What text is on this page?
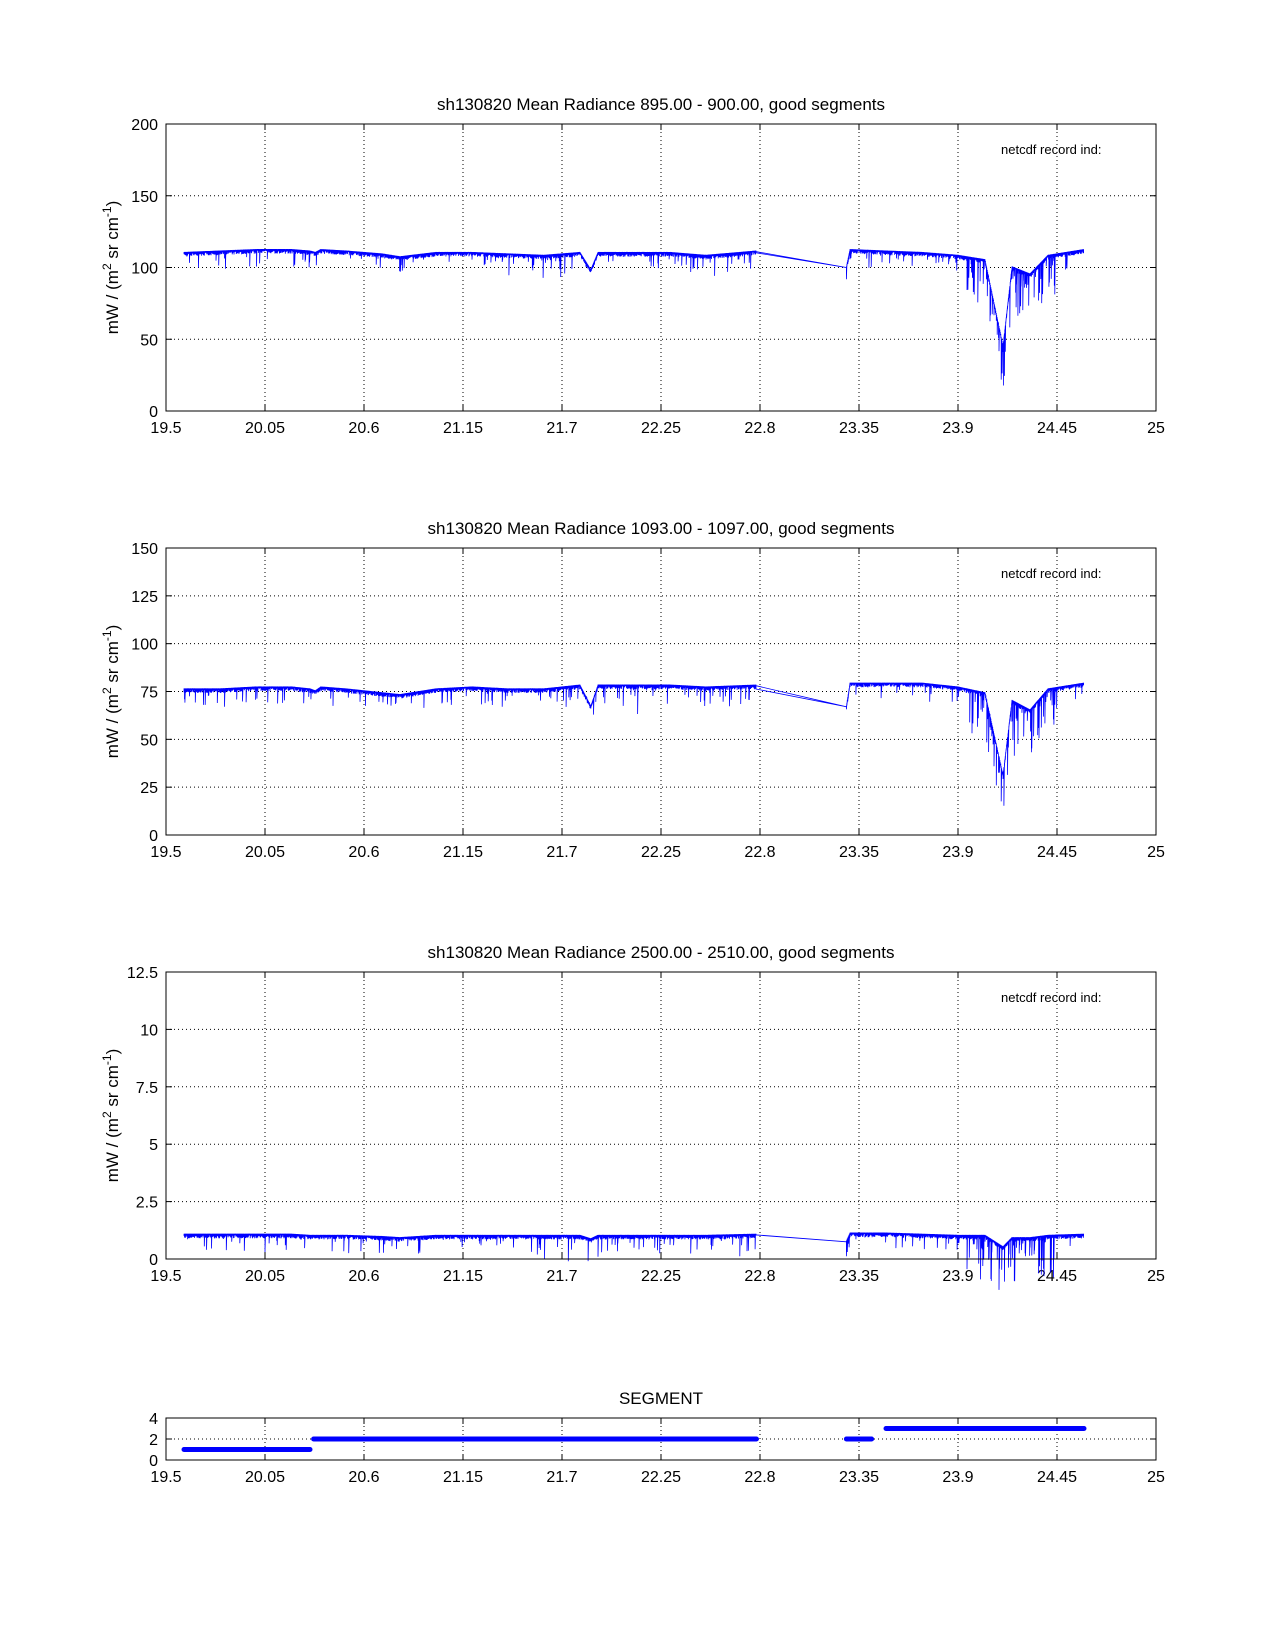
19.5	20.05	20.6	21.15	21.7	22.25	22.8	23.35	23.9	24.45	25
0
50
100
150
200
sh130820 Mean Radiance 895.00 - 900.00, good segments
mW / ($m^2$ sr $cm^{-1}$)
netcdf record ind:
19.5	20.05	20.6	21.15	21.7	22.25	22.8	23.35	23.9	24.45	25
0
25
50
75
100
125
150
sh130820 Mean Radiance 1093.00 - 1097.00, good segments
mW / ($m^2$ sr $cm^{-1}$)
netcdf record ind:
19.5	20.05	20.6	21.15	21.7	22.25	22.8	23.35	23.9	24.45	25
0
2.5
5
7.5
10
12.5
sh130820 Mean Radiance 2500.00 - 2510.00, good segments
mW / ($m^2$ sr $cm^{-1}$)
netcdf record ind:
19.5	20.05	20.6	21.15	21.7	22.25	22.8	23.35	23.9	24.45	25
0
2
4
SEGMENT
